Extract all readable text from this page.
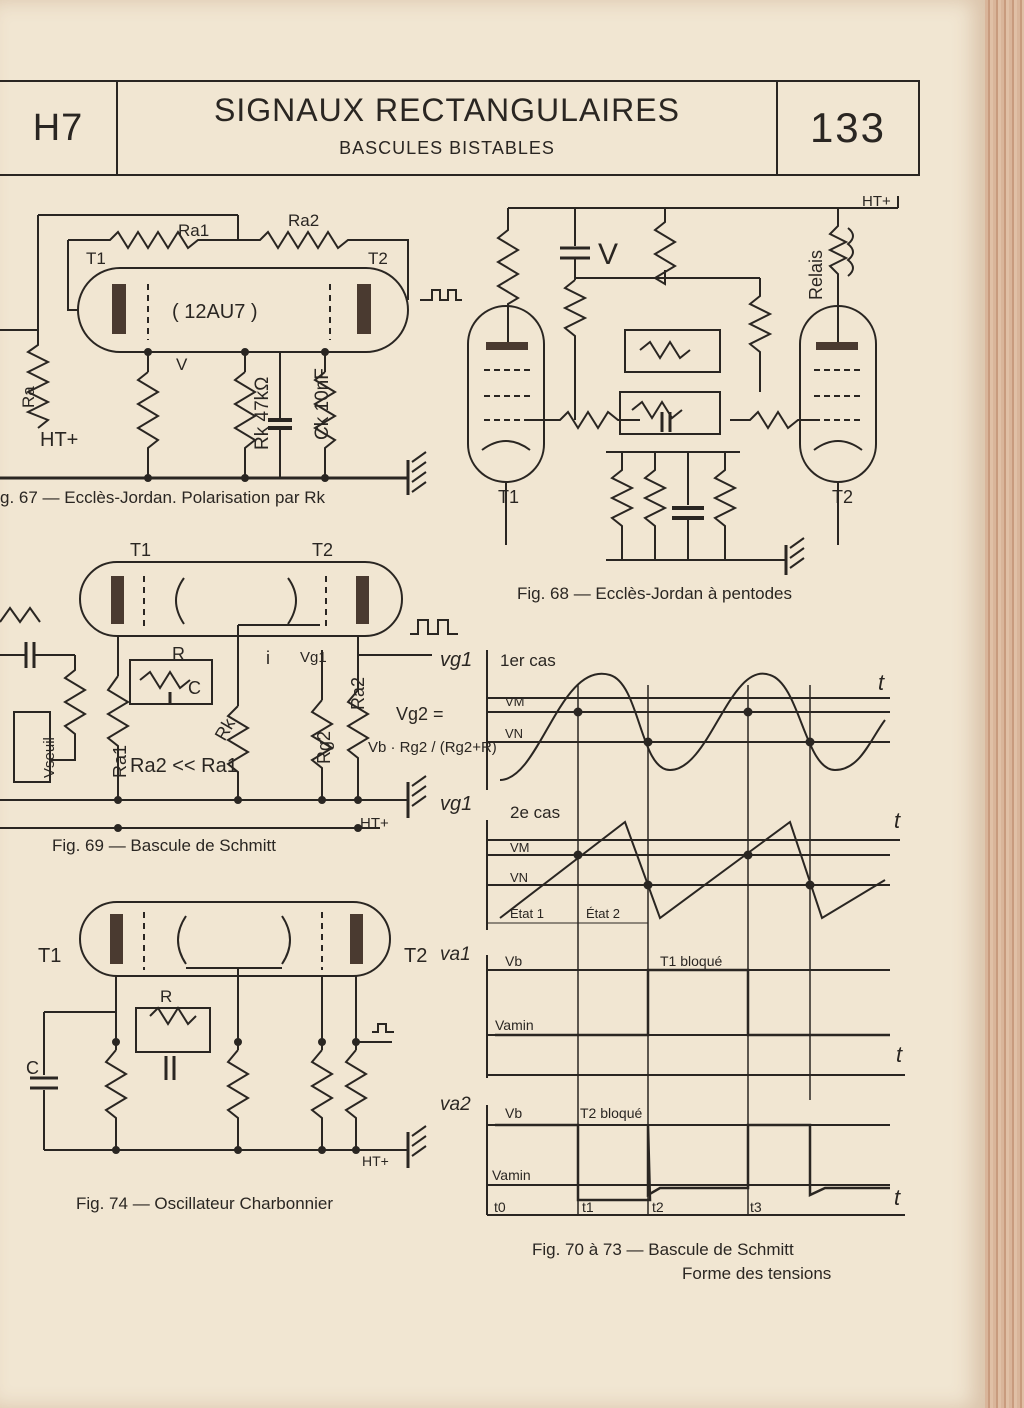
H7	SIGNAUX RECTANGULAIRES
BASCULES BISTABLES	133
T1	T2
( 12AU7 )
Ra1
Ra2
Ra
HT+	Rk 47kΩ Ck 10nF
V
T1	T2
HT+
Relais
V
T1	T2
R
C
Rk
Ra1 Ra2 << Ra1
Rg2
Ra2
Vg1
i
HT+
Vseuil
Vg2 =
Vb · Rg2 / (Rg2+R)
vg1 1er cas
VM
VN
t
vg1 2e cas
VM
VN
t
État 1	État 2
va1 Vb	T1 bloqué
Vamin
t
va2 Vb	T2 bloqué
Vamin
t0	t1	t2	t3	t
T1	T2
R
C
HT+
g. 67 — Ecclès-Jordan. Polarisation par Rk
Fig. 68 — Ecclès-Jordan à pentodes
Fig. 69 — Bascule de Schmitt
Fig. 74 — Oscillateur Charbonnier
Fig. 70 à 73 — Bascule de Schmitt
Forme des tensions
